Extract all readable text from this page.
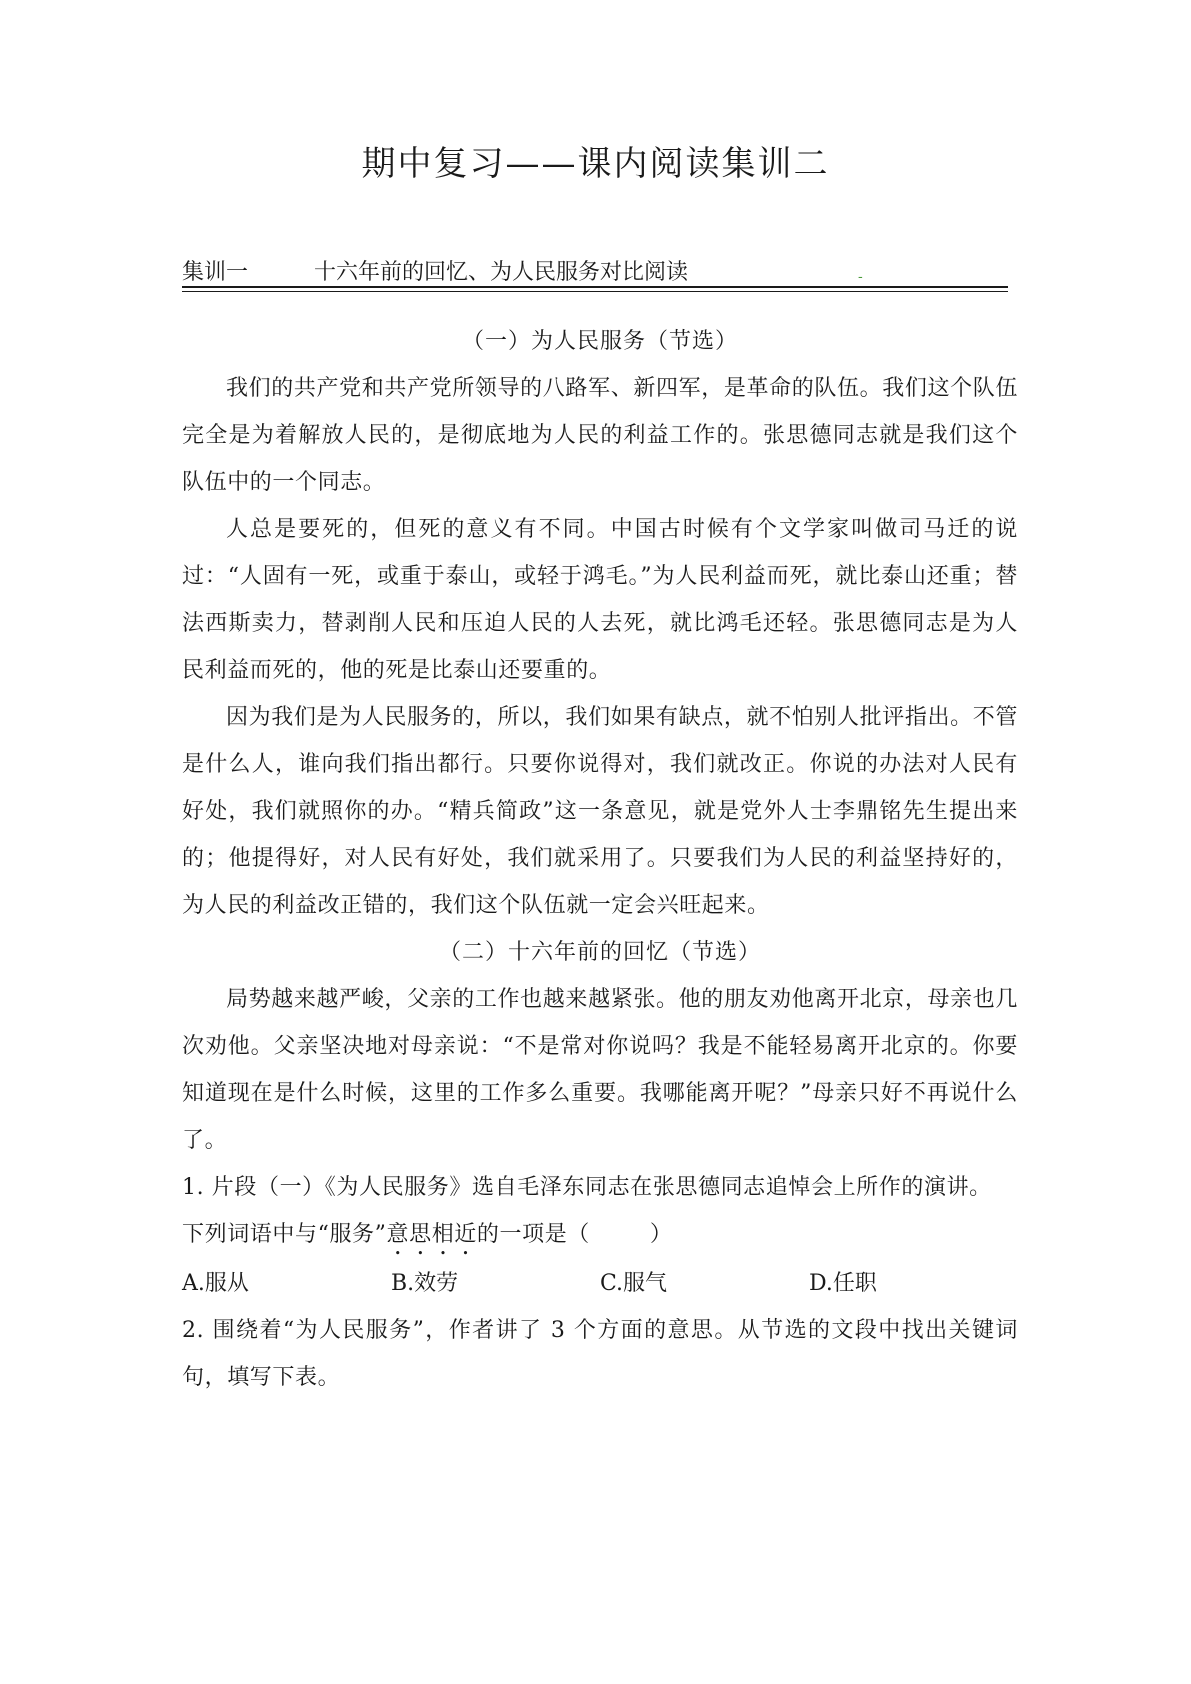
期中复习——课内阅读集训二
集训一	十六年前的回忆、为人民服务对比阅读	-

（一）为人民服务（节选）

我们的共产党和共产党所领导的八路军、新四军，是革命的队伍。我们这个队伍完全是为着解放人民的，是彻底地为人民的利益工作的。张思德同志就是我们这个队伍中的一个同志。

人总是要死的，但死的意义有不同。中国古时候有个文学家叫做司马迁的说过：“人固有一死，或重于泰山，或轻于鸿毛。”为人民利益而死，就比泰山还重；替法西斯卖力，替剥削人民和压迫人民的人去死，就比鸿毛还轻。张思德同志是为人民利益而死的，他的死是比泰山还要重的。

因为我们是为人民服务的，所以，我们如果有缺点，就不怕别人批评指出。不管是什么人，谁向我们指出都行。只要你说得对，我们就改正。你说的办法对人民有好处，我们就照你的办。“精兵简政”这一条意见，就是党外人士李鼎铭先生提出来的；他提得好，对人民有好处，我们就采用了。只要我们为人民的利益坚持好的，为人民的利益改正错的，我们这个队伍就一定会兴旺起来。

（二）十六年前的回忆（节选）

局势越来越严峻，父亲的工作也越来越紧张。他的朋友劝他离开北京，母亲也几次劝他。父亲坚决地对母亲说：“不是常对你说吗？我是不能轻易离开北京的。你要知道现在是什么时候，这里的工作多么重要。我哪能离开呢？”母亲只好不再说什么了。

1. 片段（一）《为人民服务》选自毛泽东同志在张思德同志追悼会上所作的演讲。

下列词语中与“服务”意思相近的一项是（	）

A.服从	B.效劳	C.服气	D.任职

2. 围绕着“为人民服务”，作者讲了 3 个方面的意思。从节选的文段中找出关键词句，填写下表。
